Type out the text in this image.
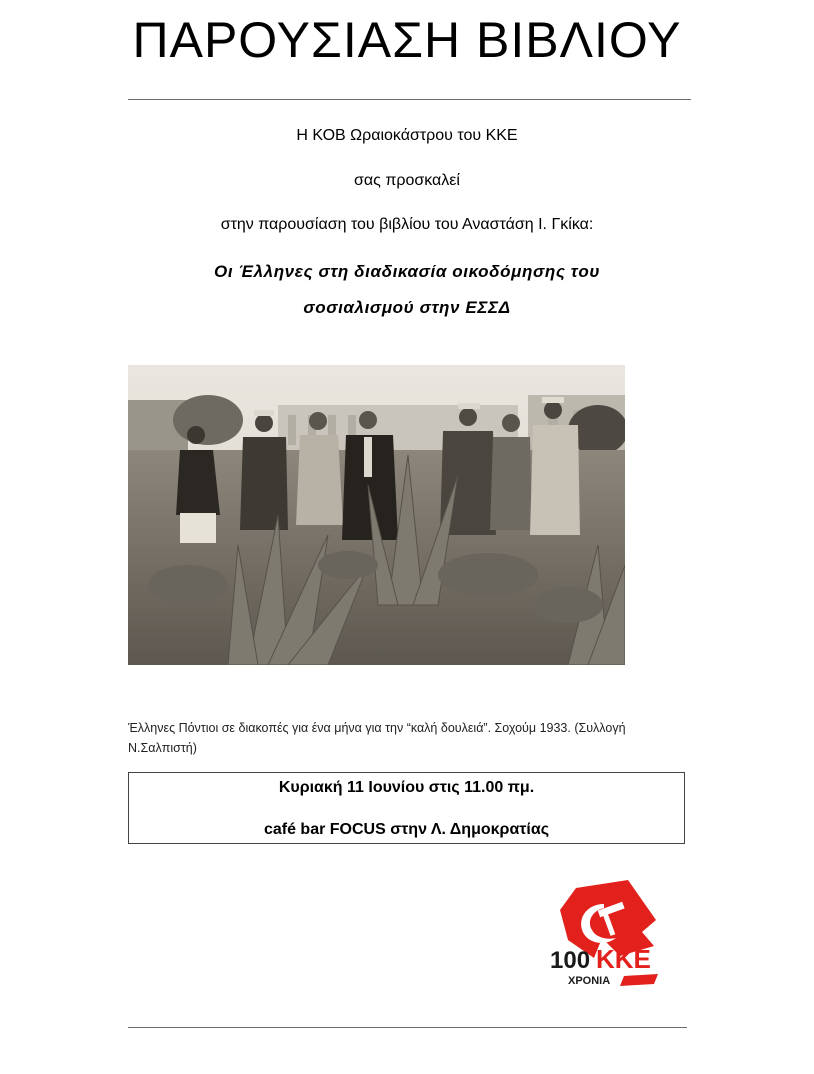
ΠΑΡΟΥΣΙΑΣΗ ΒΙΒΛΙΟΥ
Η ΚΟΒ Ωραιοκάστρου του ΚΚΕ
σας προσκαλεί
στην παρουσίαση του βιβλίου του Αναστάση Ι. Γκίκα:
Οι Έλληνες στη διαδικασία οικοδόμησης του
σοσιαλισμού στην ΕΣΣΔ
Έλληνες Πόντιοι σε διακοπές για ένα μήνα για την “καλή δουλειά”. Σοχούμ 1933. (Συλλογή Ν.Σαλπιστή)
Κυριακή 11 Ιουνίου στις 11.00 πμ.
café bar FOCUS στην Λ. Δημοκρατίας
100 ΚΚΕ
ΧΡΟΝΙΑ
